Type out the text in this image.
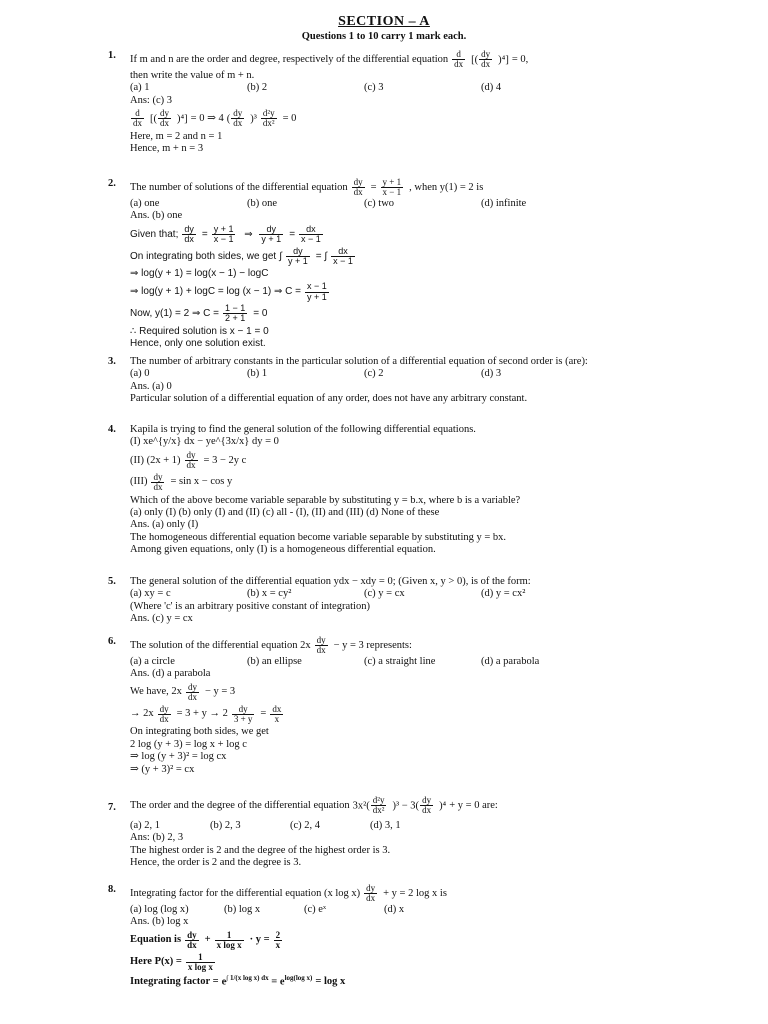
SECTION – A
Questions 1 to 10 carry 1 mark each.
1. If m and n are the order and degree, respectively of the differential equation $\frac{d}{dx}$ [( $\frac{dy}{dx} )^4] = 0$,

then write the value of m + n.

(a) 1	(b) 2	(c) 3	(d) 4

Ans: (c) 3

$\frac{d}{dx}$ [( $\frac{dy}{dx} )^4] = 0$ ⇒ 4 ( $\frac{dy}{dx} )^3 \frac{\text{d²y}}{\text{dx²}} = 0$

Here, m = 2 and n = 1

Hence, m + n = 3

2. The number of solutions of the differential equation $\frac{dy}{dx} = \frac{y + 1}{x - 1}$ , when y(1) = 2 is
(a) one	(b) one	(c) two	(d) infinite

Ans. (b) one

Given that; $\frac{dy}{dx} = \frac{y + 1}{x - 1}$ ⇒ $\frac{dy}{y + 1} = \frac{dx}{x - 1}$
On integrating both sides, we get ∫ $\frac{dy}{y + 1}$ = ∫ $\frac{dx}{x - 1}$

⇒ log(y + 1) = log(x − 1) − logC

⇒ log(y + 1) + logC = log (x − 1) ⇒ $C = \frac{x - 1}{y + 1}$
Now, y(1) = 2 ⇒ $C = \frac{1 - 1}{2 + 1} = 0$

∴ Required solution is x − 1 = 0

Hence, only one solution exist.

3. The number of arbitrary constants in the particular solution of a differential equation of second order is (are):

(a) 0	(b) 1	(c) 2	(d) 3

Ans. (a) 0

Particular solution of a differential equation of any order, does not have any arbitrary constant.

4. Kapila is trying to find the general solution of the following differential equations.

(I) xe^{y/x} dx − ye^{3x/x} dy = 0

(II) $(2x + 1) \frac{dy}{dx} = 3 - 2y$ c
$(III) \frac{dy}{dx} = \sin x - \cos y$

Which of the above become variable separable by substituting y = b.x, where b is a variable?

(a) only (I) (b) only (I) and (II) (c) all - (I), (II) and (III) (d) None of these

Ans. (a) only (I)

The homogeneous differential equation become variable separable by substituting y = bx.

Among given equations, only (I) is a homogeneous differential equation.

5. The general solution of the differential equation ydx − xdy = 0; (Given x, y > 0), is of the form:

(a) xy = c	(b) x = cy²	(c) y = cx	(d) y = cx²

(Where 'c' is an arbitrary positive constant of integration)

Ans. (c) y = cx

6. The solution of the differential equation $2x \frac{dy}{dx} - y = 3$ represents:
(a) a circle	(b) an ellipse	(c) a straight line	(d) a parabola

Ans. (d) a parabola

We have, $2x \frac{dy}{dx} - y = 3$
→ $2x \frac{dy}{dx} = 3 + y \to 2 \frac{dy}{3 + y} = \frac{dx}{x}$

On integrating both sides, we get

2 log (y + 3) = log x + log c

⇒ log (y + 3)² = log cx

⇒ (y + 3)² = cx

7. The order and the degree of the differential equation $3x^2( \frac{\text{d²y}}{\text{dx²}} )^3 - 3( \frac{dy}{dx} )^4 + y = 0$ are:
(a) 2, 1	(b) 2, 3	(c) 2, 4	(d) 3, 1

Ans: (b) 2, 3

The highest order is 2 and the degree of the highest order is 3.

Hence, the order is 2 and the degree is 3.

8. Integrating factor for the differential equation (x $\log x) \frac{dy}{dx} + y = 2$ log x is
(a) log (log x)	(b) log x	(c) eˣ	(d) x

Ans. (b) log x

Equation is $\frac{dy}{dx} + \frac{1}{\text{x log x}} \cdot y = \frac{2}{x}$
Here $P(x) = \frac{1}{\text{x log x}}$
Integrating factor = $e^{\int 1/(x log x) dx} = e^{log(log x)} = \log x$
